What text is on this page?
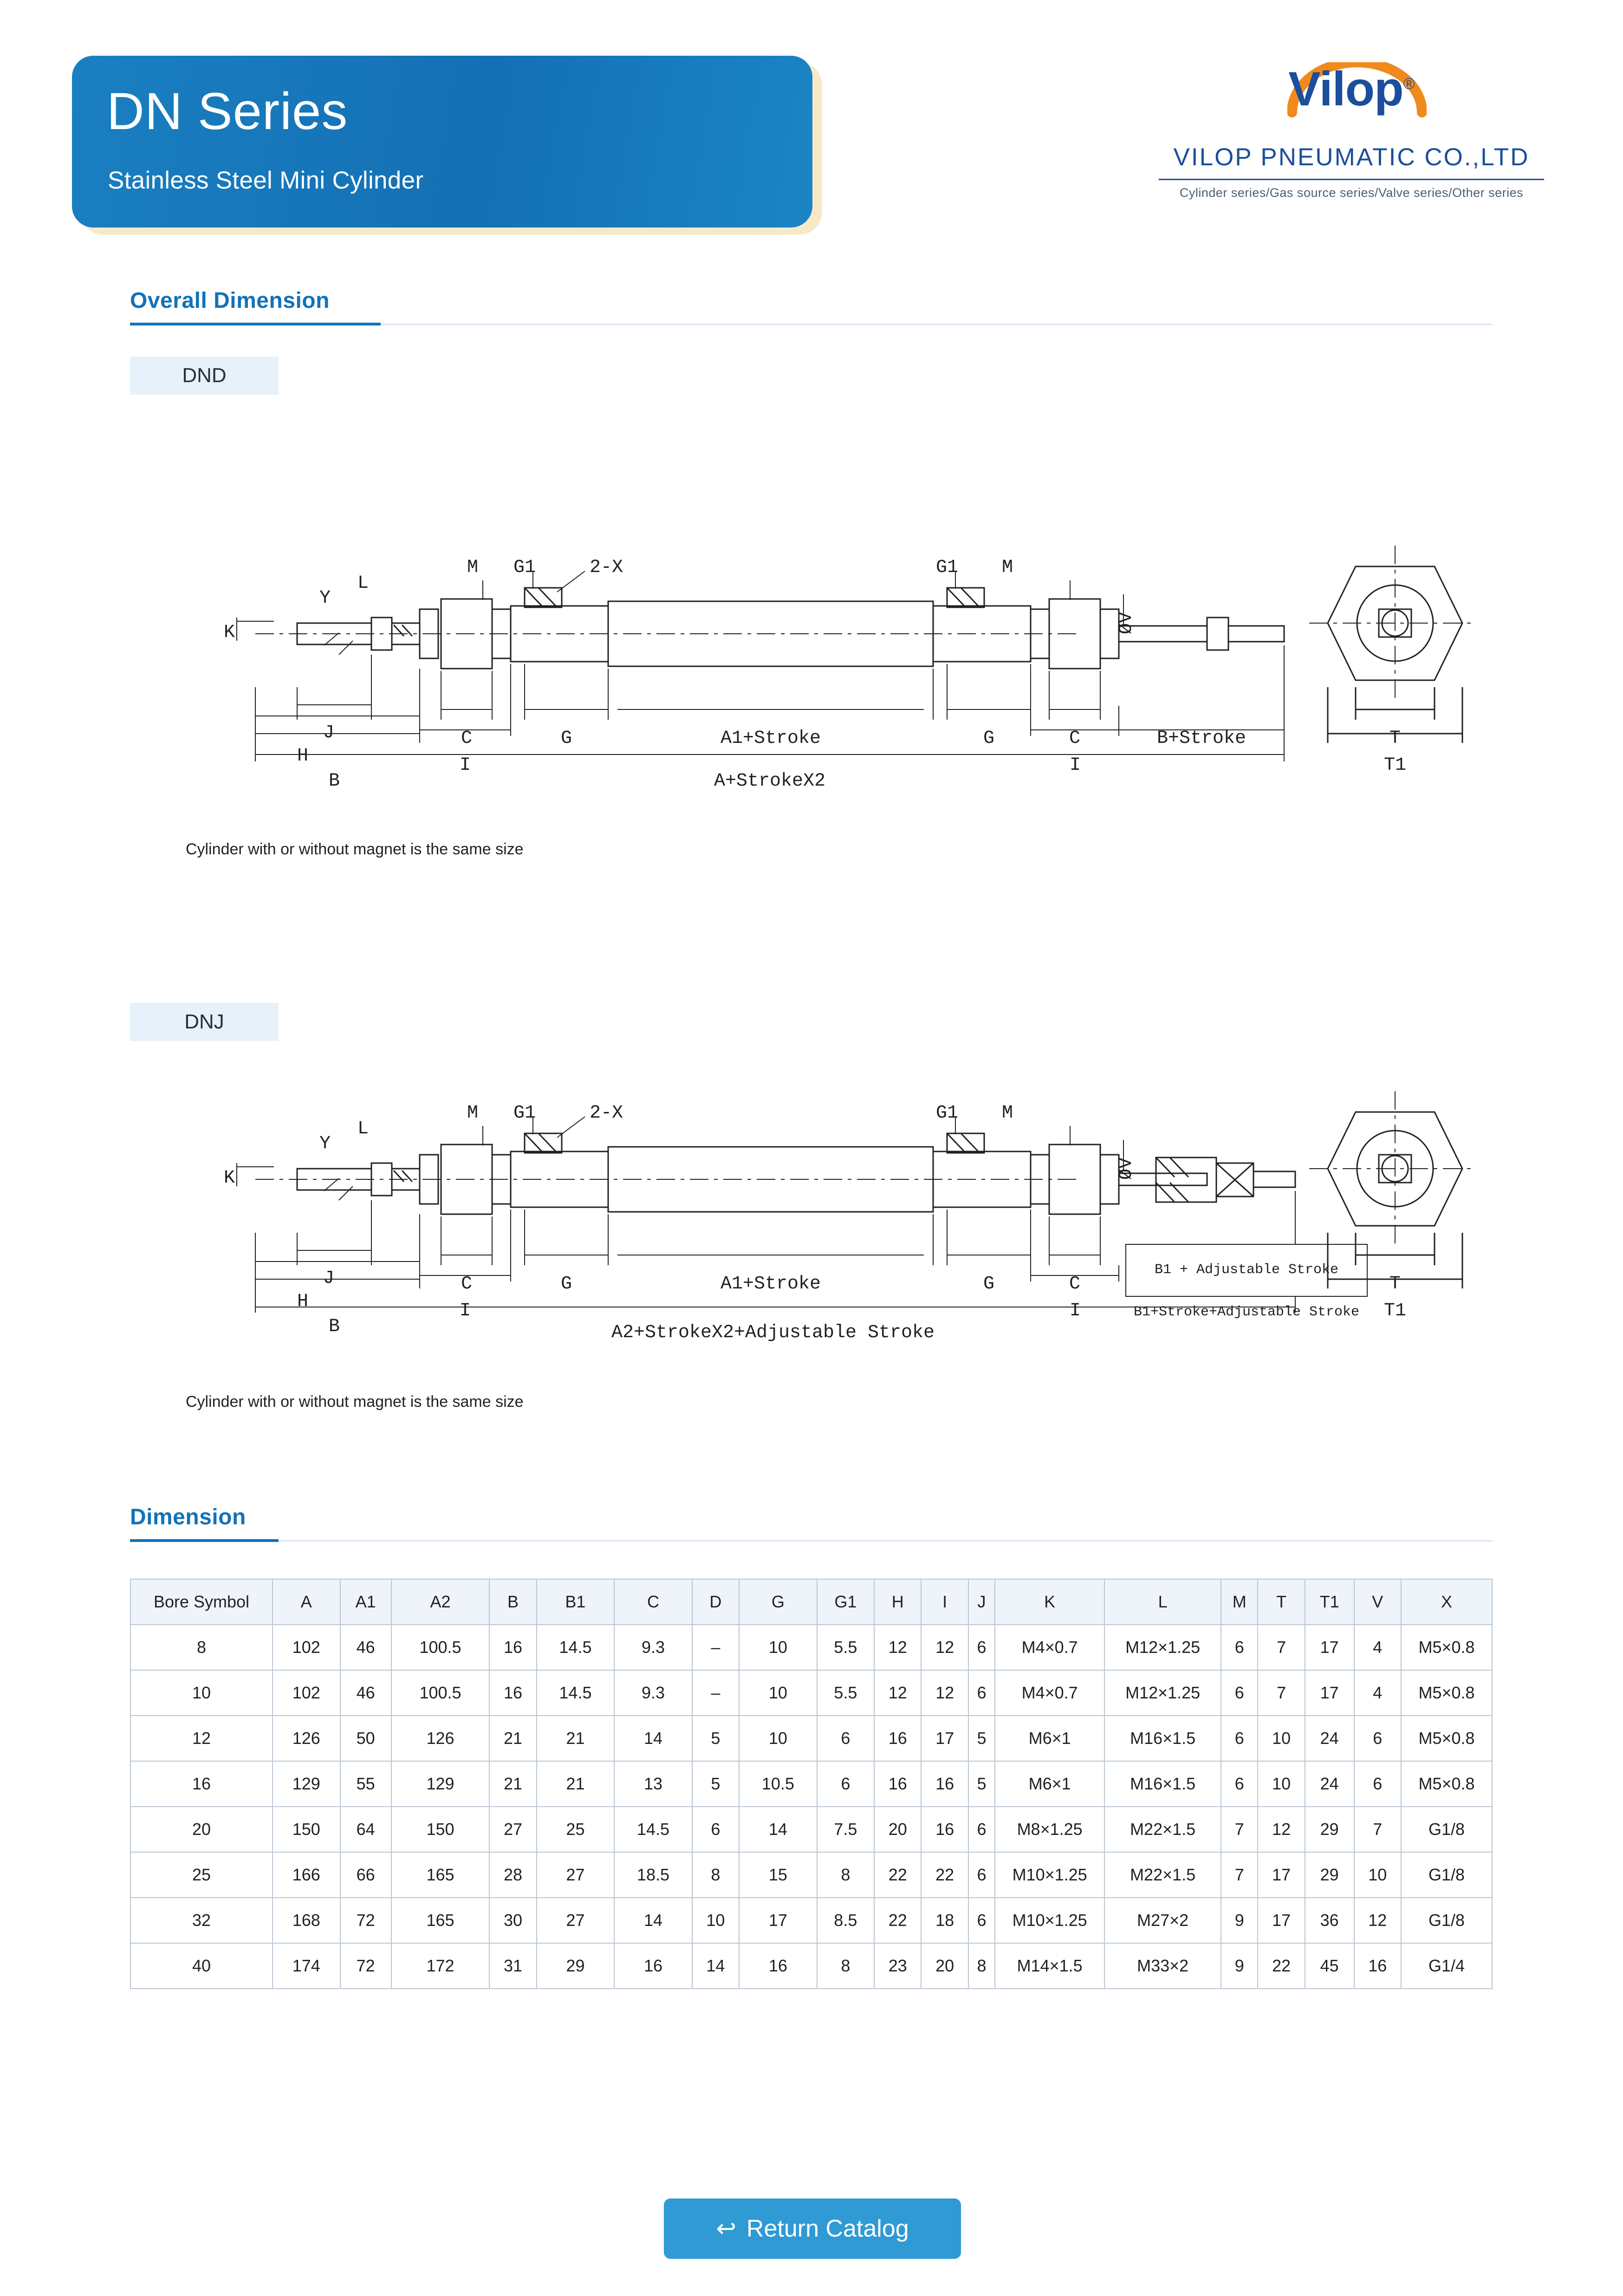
DN Series
Stainless Steel Mini Cylinder
Vilop®
VILOP PNEUMATIC CO.,LTD
Cylinder series/Gas source series/Valve series/Other series
Overall Dimension
DND
M G1	2-X	G1 M
Y
L
K
J
H
B
C
I
G	A1+Stroke	G	C
I
B+Stroke
A+StrokeX2
ØV
T
T1
Cylinder with or without magnet is the same size
DNJ
M G1	2-X	G1 M
Y
L
K
J
H
B
C
I
G	A1+Stroke	G	C
I
B1 + Adjustable Stroke
B1+Stroke+Adjustable Stroke
A2+StrokeX2+Adjustable Stroke
ØV
T
T1
Cylinder with or without magnet is the same size
Dimension
Bore Symbol	A	A1	A2	B	B1	C	D	G	G1	H	I	J	K	L	M	T	T1	V	X
8	102	46	100.5	16	14.5	9.3	–	10	5.5	12	12	6	M4×0.7	M12×1.25	6	7	17	4	M5×0.8
10	102	46	100.5	16	14.5	9.3	–	10	5.5	12	12	6	M4×0.7	M12×1.25	6	7	17	4	M5×0.8
12	126	50	126	21	21	14	5	10	6	16	17	5	M6×1	M16×1.5	6	10	24	6	M5×0.8
16	129	55	129	21	21	13	5	10.5	6	16	16	5	M6×1	M16×1.5	6	10	24	6	M5×0.8
20	150	64	150	27	25	14.5	6	14	7.5	20	16	6	M8×1.25	M22×1.5	7	12	29	7	G1/8
25	166	66	165	28	27	18.5	8	15	8	22	22	6	M10×1.25	M22×1.5	7	17	29	10	G1/8
32	168	72	165	30	27	14	10	17	8.5	22	18	6	M10×1.25	M27×2	9	17	36	12	G1/8
40	174	72	172	31	29	16	14	16	8	23	20	8	M14×1.5	M33×2	9	22	45	16	G1/4
↩ Return Catalog
